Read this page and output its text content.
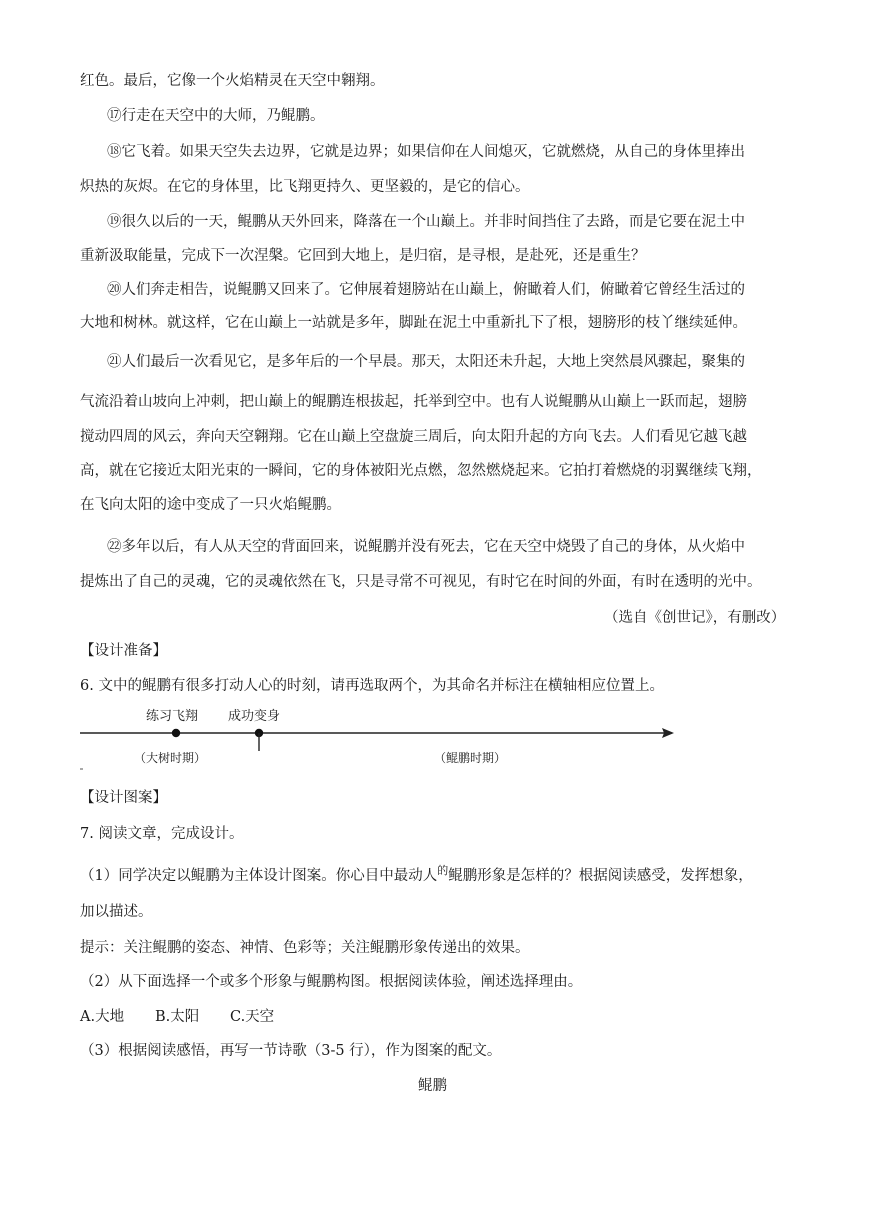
红色。最后，它像一个火焰精灵在天空中翱翔。
⑰行走在天空中的大师，乃鲲鹏。
⑱它飞着。如果天空失去边界，它就是边界；如果信仰在人间熄灭，它就燃烧，从自己的身体里捧出
炽热的灰烬。在它的身体里，比飞翔更持久、更坚毅的，是它的信心。
⑲很久以后的一天，鲲鹏从天外回来，降落在一个山巅上。并非时间挡住了去路，而是它要在泥土中
重新汲取能量，完成下一次涅槃。它回到大地上，是归宿，是寻根，是赴死，还是重生？
⑳人们奔走相告，说鲲鹏又回来了。它伸展着翅膀站在山巅上，俯瞰着人们，俯瞰着它曾经生活过的
大地和树林。就这样，它在山巅上一站就是多年，脚趾在泥土中重新扎下了根，翅膀形的枝丫继续延伸。
㉑人们最后一次看见它，是多年后的一个早晨。那天，太阳还未升起，大地上突然晨风骤起，聚集的
气流沿着山坡向上冲刺，把山巅上的鲲鹏连根拔起，托举到空中。也有人说鲲鹏从山巅上一跃而起，翅膀
搅动四周的风云，奔向天空翱翔。它在山巅上空盘旋三周后，向太阳升起的方向飞去。人们看见它越飞越
高，就在它接近太阳光束的一瞬间，它的身体被阳光点燃，忽然燃烧起来。它拍打着燃烧的羽翼继续飞翔，
在飞向太阳的途中变成了一只火焰鲲鹏。
㉒多年以后，有人从天空的背面回来，说鲲鹏并没有死去，它在天空中烧毁了自己的身体，从火焰中
提炼出了自己的灵魂，它的灵魂依然在飞，只是寻常不可视见，有时它在时间的外面，有时在透明的光中。
（选自《创世记》，有删改）
【设计准备】
6. 文中的鲲鹏有很多打动人心的时刻，请再选取两个，为其命名并标注在横轴相应位置上。
练习飞翔 成功变身
（大树时期）	（鲲鹏时期）
【设计图案】
7. 阅读文章，完成设计。
（1）同学决定以鲲鹏为主体设计图案。你心目中最动人$^的$鲲鹏形象是怎样的？根据阅读感受，发挥想象，
加以描述。
提示：关注鲲鹏的姿态、神情、色彩等；关注鲲鹏形象传递出的效果。
（2）从下面选择一个或多个形象与鲲鹏构图。根据阅读体验，阐述选择理由。
A.大地 B.太阳 C.天空
（3）根据阅读感悟，再写一节诗歌（3-5 行），作为图案的配文。
鲲鹏
